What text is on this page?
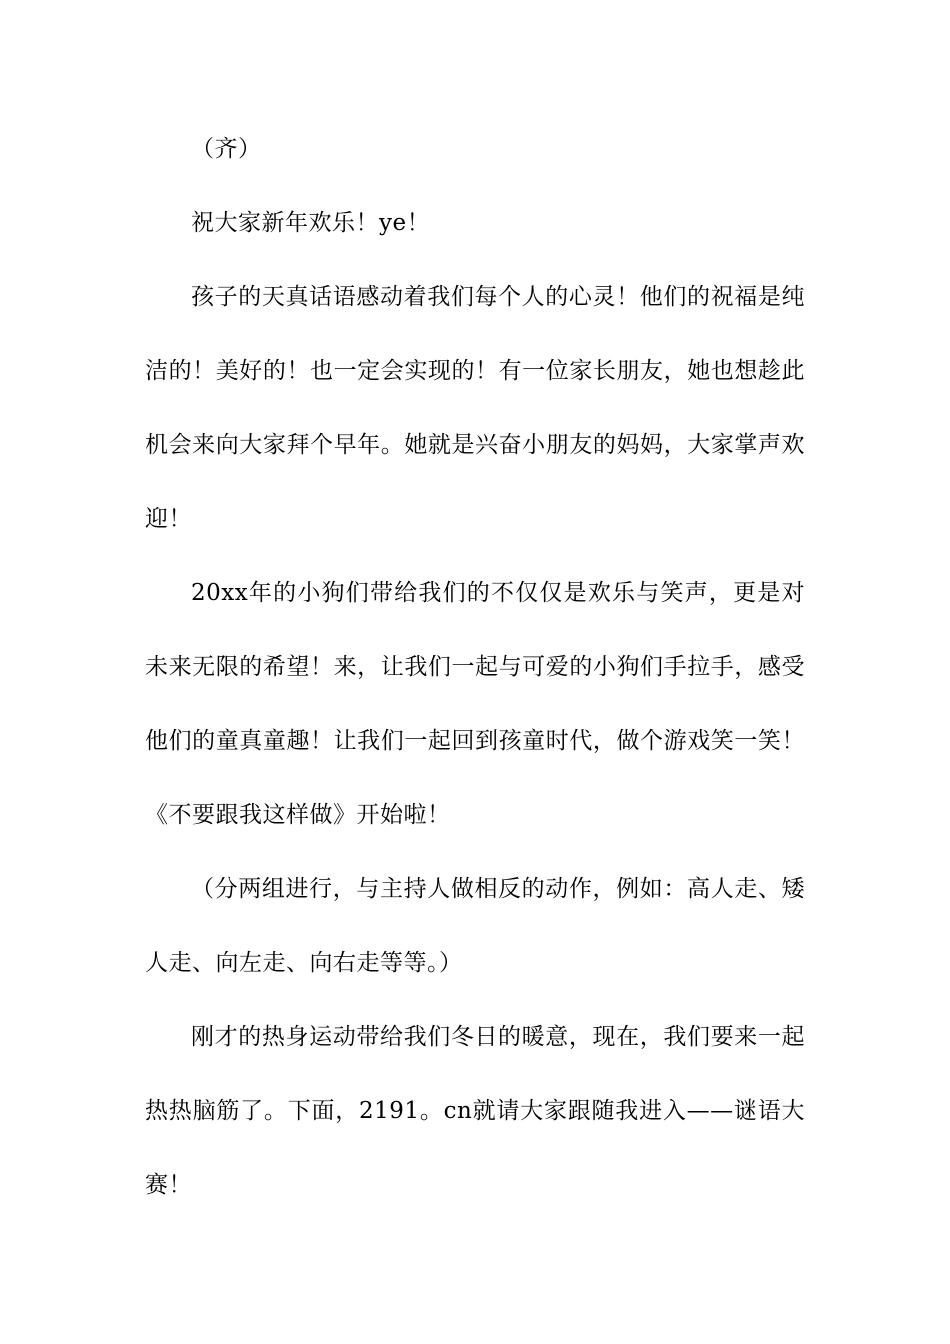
（齐）

祝大家新年欢乐！ye！

孩子的天真话语感动着我们每个人的心灵！他们的祝福是纯洁的！美好的！也一定会实现的！有一位家长朋友，她也想趁此机会来向大家拜个早年。她就是兴奋小朋友的妈妈，大家掌声欢迎！

20xx年的小狗们带给我们的不仅仅是欢乐与笑声，更是对未来无限的希望！来，让我们一起与可爱的小狗们手拉手，感受他们的童真童趣！让我们一起回到孩童时代，做个游戏笑一笑！《不要跟我这样做》开始啦！

（分两组进行，与主持人做相反的动作，例如：高人走、矮人走、向左走、向右走等等。）

刚才的热身运动带给我们冬日的暖意，现在，我们要来一起热热脑筋了。下面，2191。cn就请大家跟随我进入——谜语大赛！
